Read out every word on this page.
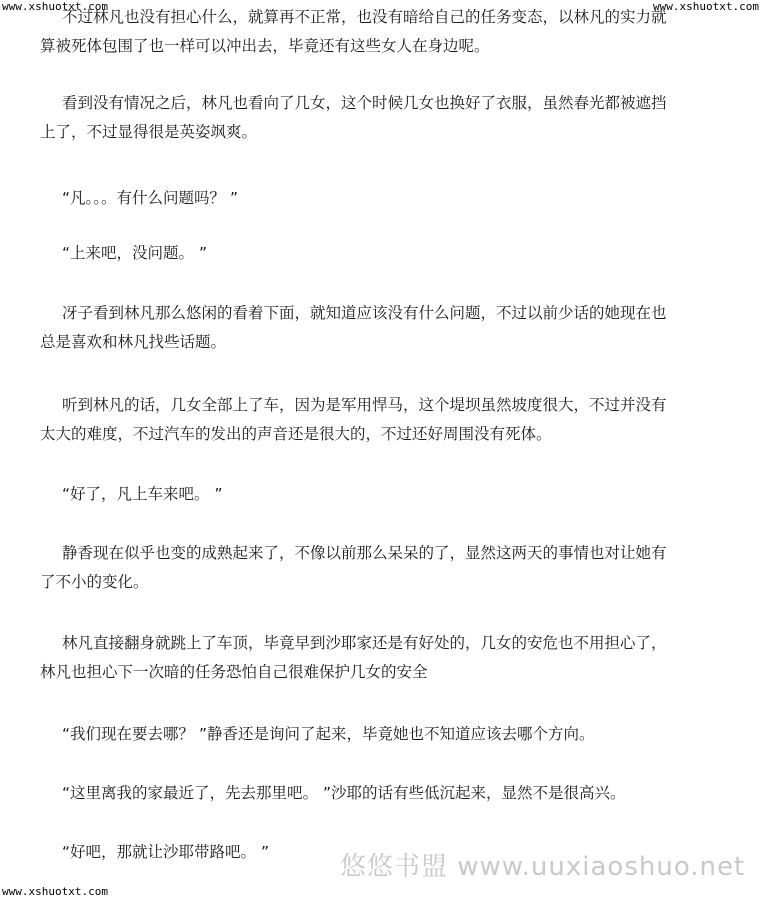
www.xshuotxt.com	www.xshuotxt.com

不过林凡也没有担心什么，就算再不正常，也没有暗给自己的任务变态，以林凡的实力就
算被死体包围了也一样可以冲出去，毕竟还有这些女人在身边呢。

看到没有情况之后，林凡也看向了几女，这个时候几女也换好了衣服，虽然春光都被遮挡
上了，不过显得很是英姿飒爽。

“凡。。。有什么问题吗？ ”

“上来吧，没问题。 ”

冴子看到林凡那么悠闲的看着下面，就知道应该没有什么问题，不过以前少话的她现在也
总是喜欢和林凡找些话题。

听到林凡的话，几女全部上了车，因为是军用悍马，这个堤坝虽然坡度很大，不过并没有
太大的难度，不过汽车的发出的声音还是很大的，不过还好周围没有死体。

“好了，凡上车来吧。 ”

静香现在似乎也变的成熟起来了，不像以前那么呆呆的了，显然这两天的事情也对让她有
了不小的变化。

林凡直接翻身就跳上了车顶，毕竟早到沙耶家还是有好处的，几女的安危也不用担心了，
林凡也担心下一次暗的任务恐怕自己很难保护几女的安全

“我们现在要去哪？ ”静香还是询问了起来，毕竟她也不知道应该去哪个方向。

“这里离我的家最近了，先去那里吧。 ”沙耶的话有些低沉起来，显然不是很高兴。

“好吧，那就让沙耶带路吧。 ”	悠悠书盟 www.uuxiaoshuo.net
www.xshuotxt.com
